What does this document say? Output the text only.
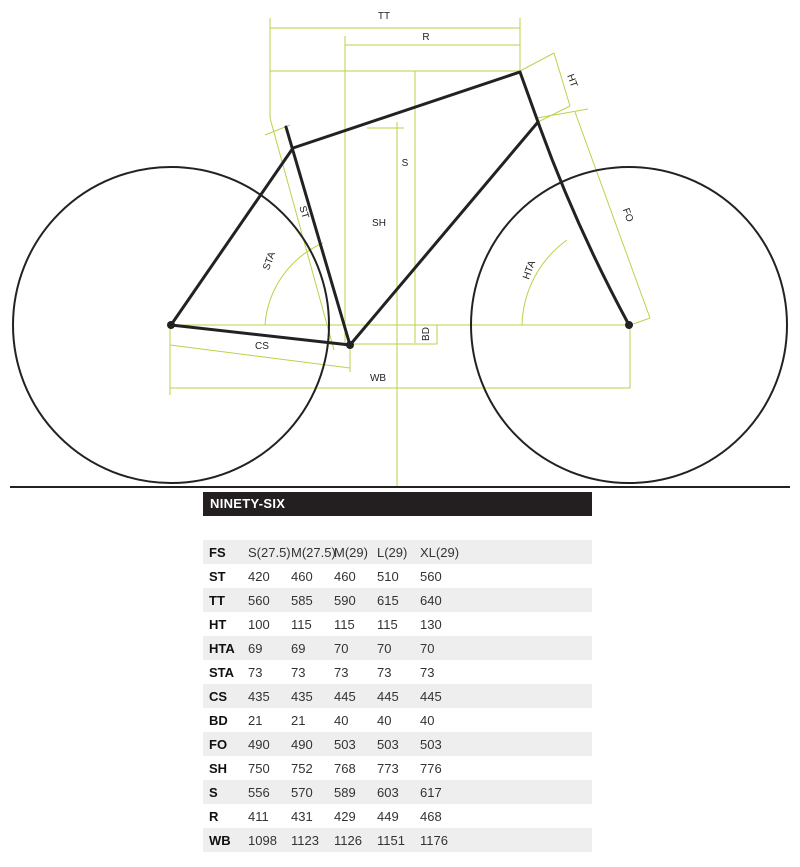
TT
R
HT
S
SH
ST
STA
FO
HTA
BD
CS
WB
NINETY-SIX
FS	S(27.5)	M(27.5)	M(29)	L(29)	XL(29)	
ST	420	460	460	510	560	
TT	560	585	590	615	640	
HT	100	115	115	115	130	
HTA	69	69	70	70	70	
STA	73	73	73	73	73	
CS	435	435	445	445	445	
BD	21	21	40	40	40	
FO	490	490	503	503	503	
SH	750	752	768	773	776	
S	556	570	589	603	617	
R	411	431	429	449	468	
WB	1098	1123	1126	1151	1176	
